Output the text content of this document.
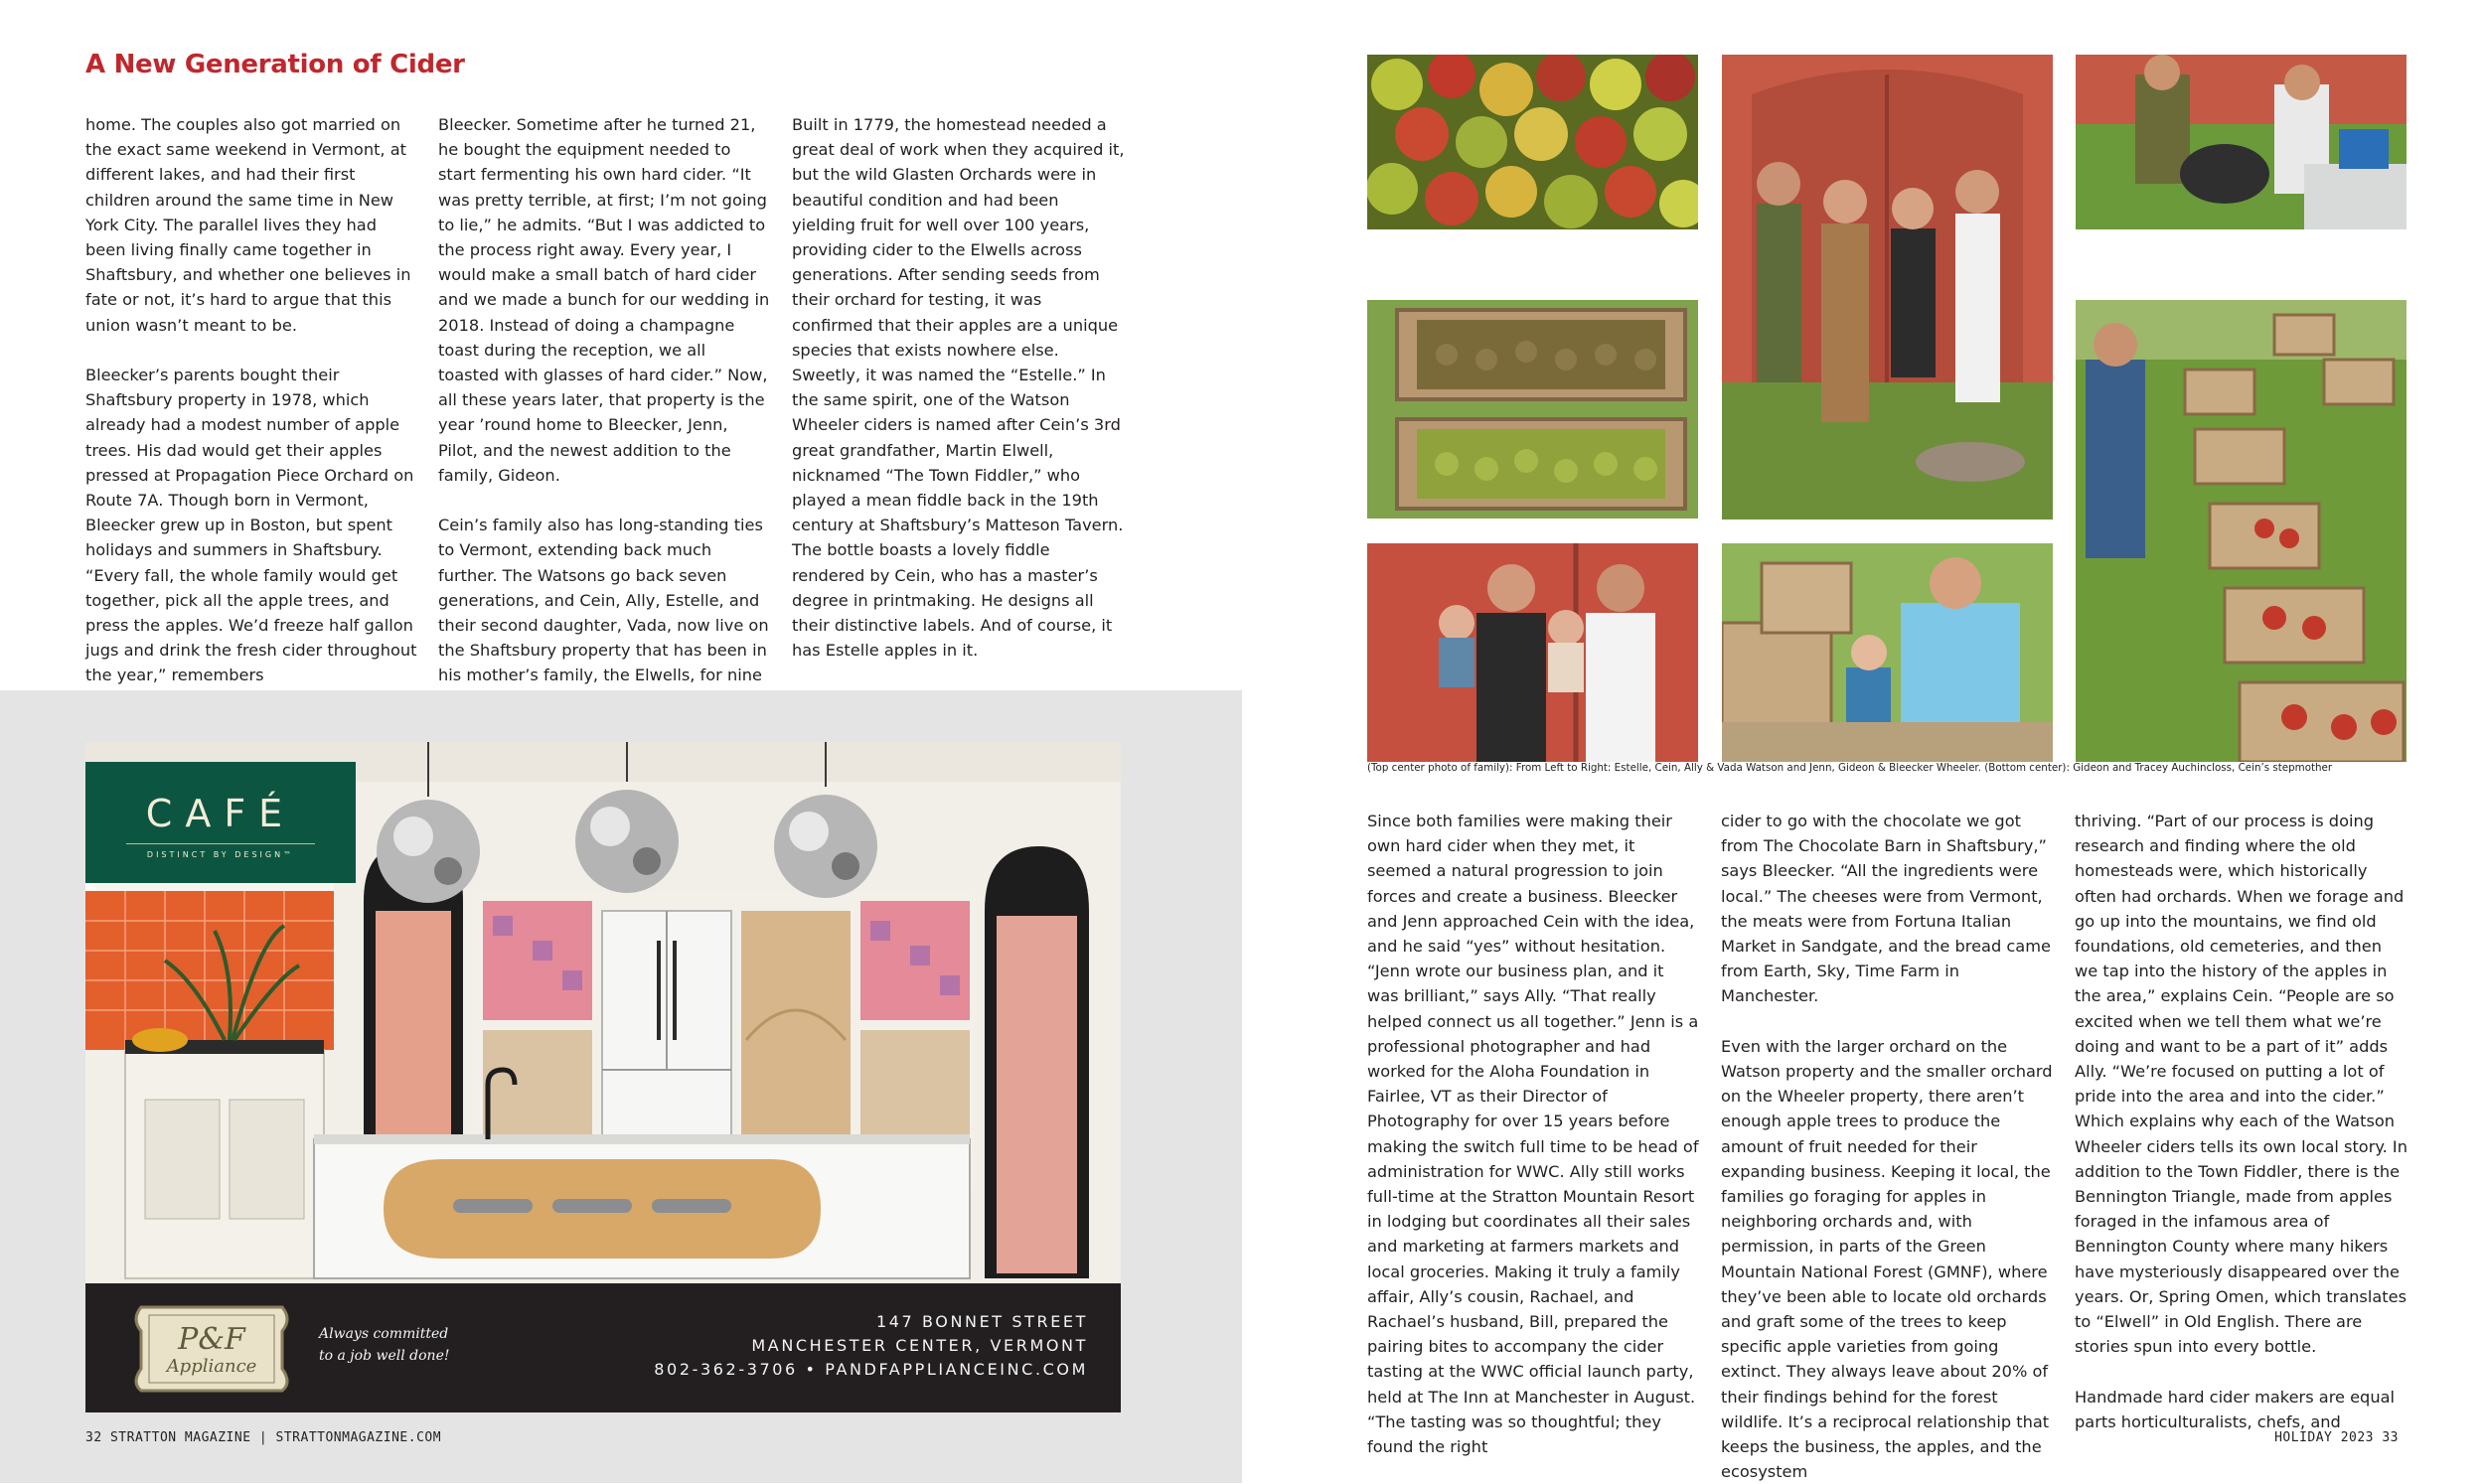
A New Generation of Cider

home. The couples also got married on the exact same weekend in Vermont, at different lakes, and had their first children around the same time in New York City. The parallel lives they had been living finally came together in Shaftsbury, and whether one believes in fate or not, it’s hard to argue that this union wasn’t meant to be.

Bleecker’s parents bought their Shaftsbury property in 1978, which already had a modest number of apple trees. His dad would get their apples pressed at Propagation Piece Orchard on Route 7A. Though born in Vermont, Bleecker grew up in Boston, but spent holidays and summers in Shaftsbury. “Every fall, the whole family would get together, pick all the apple trees, and press the apples. We’d freeze half gallon jugs and drink the fresh cider throughout the year,” remembers

Bleecker. Sometime after he turned 21, he bought the equipment needed to start fermenting his own hard cider. “It was pretty terrible, at first; I’m not going to lie,” he admits. “But I was addicted to the process right away. Every year, I would make a small batch of hard cider and we made a bunch for our wedding in 2018. Instead of doing a champagne toast during the reception, we all toasted with glasses of hard cider.” Now, all these years later, that property is the year ’round home to Bleecker, Jenn, Pilot, and the newest addition to the family, Gideon.

Cein’s family also has long-standing ties to Vermont, extending back much further. The Watsons go back seven generations, and Cein, Ally, Estelle, and their second daughter, Vada, now live on the Shaftsbury property that has been in his mother’s family, the Elwells, for nine

Built in 1779, the homestead needed a great deal of work when they acquired it, but the wild Glasten Orchards were in beautiful condition and had been yielding fruit for well over 100 years, providing cider to the Elwells across generations. After sending seeds from their orchard for testing, it was confirmed that their apples are a unique species that exists nowhere else. Sweetly, it was named the “Estelle.” In the same spirit, one of the Watson Wheeler ciders is named after Cein’s 3rd great grandfather, Martin Elwell, nicknamed “The Town Fiddler,” who played a mean fiddle back in the 19th century at Shaftsbury’s Matteson Tavern. The bottle boasts a lovely fiddle rendered by Cein, who has a master’s degree in printmaking. He designs all their distinctive labels. And of course, it has Estelle apples in it.

CAFÉ
DISTINCT BY DESIGN™
P&F
Appliance
Always committed
to a job well done!
147 BONNET STREET
MANCHESTER CENTER, VERMONT
802-362-3706 • PANDFAPPLIANCEINC.COM
32 STRATTON MAGAZINE | STRATTONMAGAZINE.COM
(Top center photo of family): From Left to Right: Estelle, Cein, Ally & Vada Watson and Jenn, Gideon & Bleecker Wheeler. (Bottom center): Gideon and Tracey Auchincloss, Cein’s stepmother

Since both families were making their own hard cider when they met, it seemed a natural progression to join forces and create a business. Bleecker and Jenn approached Cein with the idea, and he said “yes” without hesitation. “Jenn wrote our business plan, and it was brilliant,” says Ally. “That really helped connect us all together.” Jenn is a professional photographer and had worked for the Aloha Foundation in Fairlee, VT as their Director of Photography for over 15 years before making the switch full time to be head of administration for WWC. Ally still works full-time at the Stratton Mountain Resort in lodging but coordinates all their sales and marketing at farmers markets and local groceries. Making it truly a family affair, Ally’s cousin, Rachael, and Rachael’s husband, Bill, prepared the pairing bites to accompany the cider tasting at the WWC official launch party, held at The Inn at Manchester in August. “The tasting was so thoughtful; they found the right

cider to go with the chocolate we got from The Chocolate Barn in Shaftsbury,” says Bleecker. “All the ingredients were local.” The cheeses were from Vermont, the meats were from Fortuna Italian Market in Sandgate, and the bread came from Earth, Sky, Time Farm in Manchester.

Even with the larger orchard on the Watson property and the smaller orchard on the Wheeler property, there aren’t enough apple trees to produce the amount of fruit needed for their expanding business. Keeping it local, the families go foraging for apples in neighboring orchards and, with permission, in parts of the Green Mountain National Forest (GMNF), where they’ve been able to locate old orchards and graft some of the trees to keep specific apple varieties from going extinct. They always leave about 20% of their findings behind for the forest wildlife. It’s a reciprocal relationship that keeps the business, the apples, and the ecosystem

thriving. “Part of our process is doing research and finding where the old homesteads were, which historically often had orchards. When we forage and go up into the mountains, we find old foundations, old cemeteries, and then we tap into the history of the apples in the area,” explains Cein. “People are so excited when we tell them what we’re doing and want to be a part of it” adds Ally. “We’re focused on putting a lot of pride into the area and into the cider.” Which explains why each of the Watson Wheeler ciders tells its own local story. In addition to the Town Fiddler, there is the Bennington Triangle, made from apples foraged in the infamous area of Bennington County where many hikers have mysteriously disappeared over the years. Or, Spring Omen, which translates to “Elwell” in Old English. There are stories spun into every bottle.

Handmade hard cider makers are equal parts horticulturalists, chefs, and

HOLIDAY 2023 33
